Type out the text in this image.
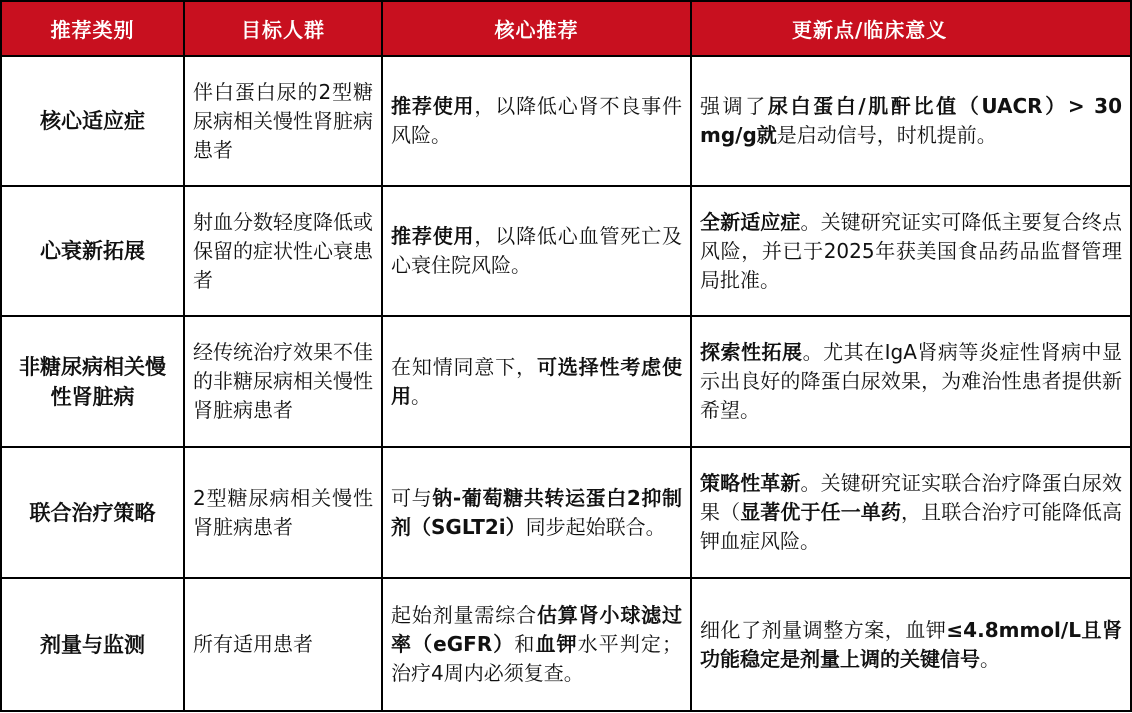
推荐类别	目标人群	核心推荐	更新点/临床意义
核心适应症	伴白蛋白尿的2型糖尿病相关慢性肾脏病患者	推荐使用，以降低心肾不良事件风险。	强调了尿白蛋白/肌酐比值（UACR）> 30 mg/g就是启动信号，时机提前。
心衰新拓展	射血分数轻度降低或保留的症状性心衰患者	推荐使用，以降低心血管死亡及心衰住院风险。	全新适应症。关键研究证实可降低主要复合终点风险，并已于2025年获美国食品药品监督管理局批准。
非糖尿病相关慢性肾脏病	经传统治疗效果不佳的非糖尿病相关慢性肾脏病患者	在知情同意下，可选择性考虑使用。	探索性拓展。尤其在IgA肾病等炎症性肾病中显示出良好的降蛋白尿效果，为难治性患者提供新希望。
联合治疗策略	2型糖尿病相关慢性肾脏病患者	可与钠-葡萄糖共转运蛋白2抑制剂（SGLT2i）同步起始联合。	策略性革新。关键研究证实联合治疗降蛋白尿效果（显著优于任一单药，且联合治疗可能降低高钾血症风险。
剂量与监测	所有适用患者	起始剂量需综合估算肾小球滤过率（eGFR）和血钾水平判定；治疗4周内必须复查。	细化了剂量调整方案，血钾≤4.8mmol/L且肾功能稳定是剂量上调的关键信号。
